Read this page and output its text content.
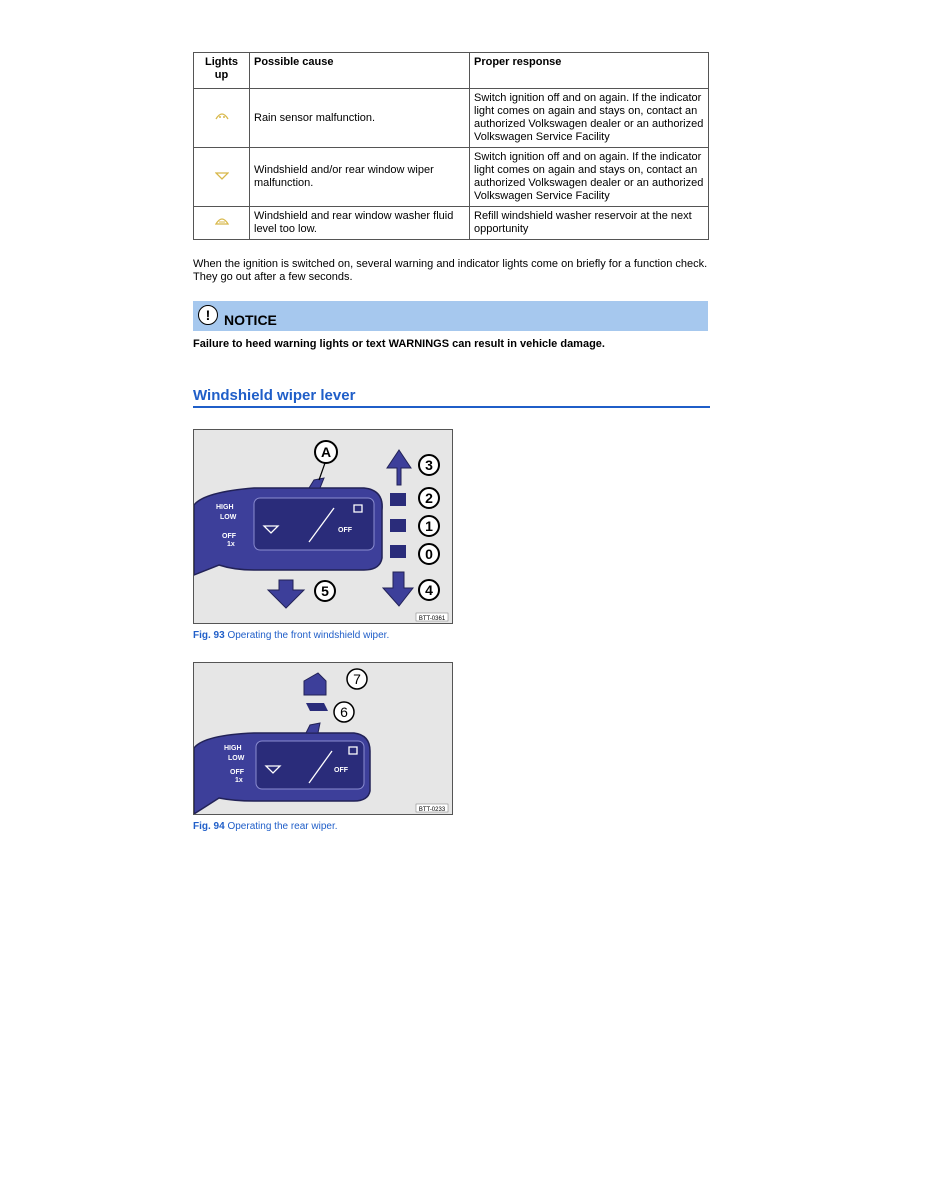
Lights up	Possible cause	Proper response
	Rain sensor malfunction.	Switch ignition off and on again. If the indicator light comes on again and stays on, contact an authorized Volkswagen dealer or an authorized Volkswagen Service Facility
	Windshield and/or rear window wiper malfunction.	Switch ignition off and on again. If the indicator light comes on again and stays on, contact an authorized Volkswagen dealer or an authorized Volkswagen Service Facility
	Windshield and rear window washer fluid level too low.	Refill windshield washer reservoir at the next opportunity
When the ignition is switched on, several warning and indicator lights come on briefly for a function check. They go out after a few seconds.
! NOTICE
Failure to heed warning lights or text WARNINGS can result in vehicle damage.
Windshield wiper lever
HIGH
LOW
OFF
1x
OFF
A
3
2
1
0
4
5
BTT-0361
Fig. 93 Operating the front windshield wiper.
HIGH
LOW
OFF
1x
OFF
7
6
BTT-0233
Fig. 94 Operating the rear wiper.
